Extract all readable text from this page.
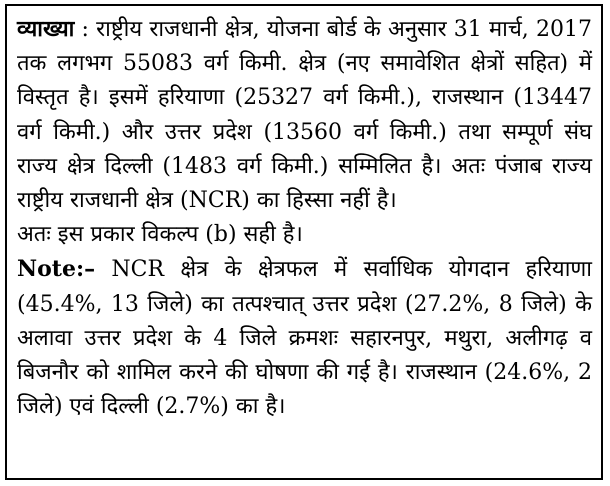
व्याख्या : राष्ट्रीय राजधानी क्षेत्र, योजना बोर्ड के अनुसार 31 मार्च, 2017 तक लगभग 55083 वर्ग किमी. क्षेत्र (नए समावेशित क्षेत्रों सहित) में विस्तृत है। इसमें हरियाणा (25327 वर्ग किमी.), राजस्थान (13447 वर्ग किमी.) और उत्तर प्रदेश (13560 वर्ग किमी.) तथा सम्पूर्ण संघ राज्य क्षेत्र दिल्ली (1483 वर्ग किमी.) सम्मिलित है। अतः पंजाब राज्य राष्ट्रीय राजधानी क्षेत्र (NCR) का हिस्सा नहीं है।

अतः इस प्रकार विकल्प (b) सही है।

Note:– NCR क्षेत्र के क्षेत्रफल में सर्वाधिक योगदान हरियाणा (45.4%, 13 जिले) का तत्पश्चात् उत्तर प्रदेश (27.2%, 8 जिले) के अलावा उत्तर प्रदेश के 4 जिले क्रमशः सहारनपुर, मथुरा, अलीगढ़ व बिजनौर को शामिल करने की घोषणा की गई है। राजस्थान (24.6%, 2 जिले) एवं दिल्ली (2.7%) का है।
